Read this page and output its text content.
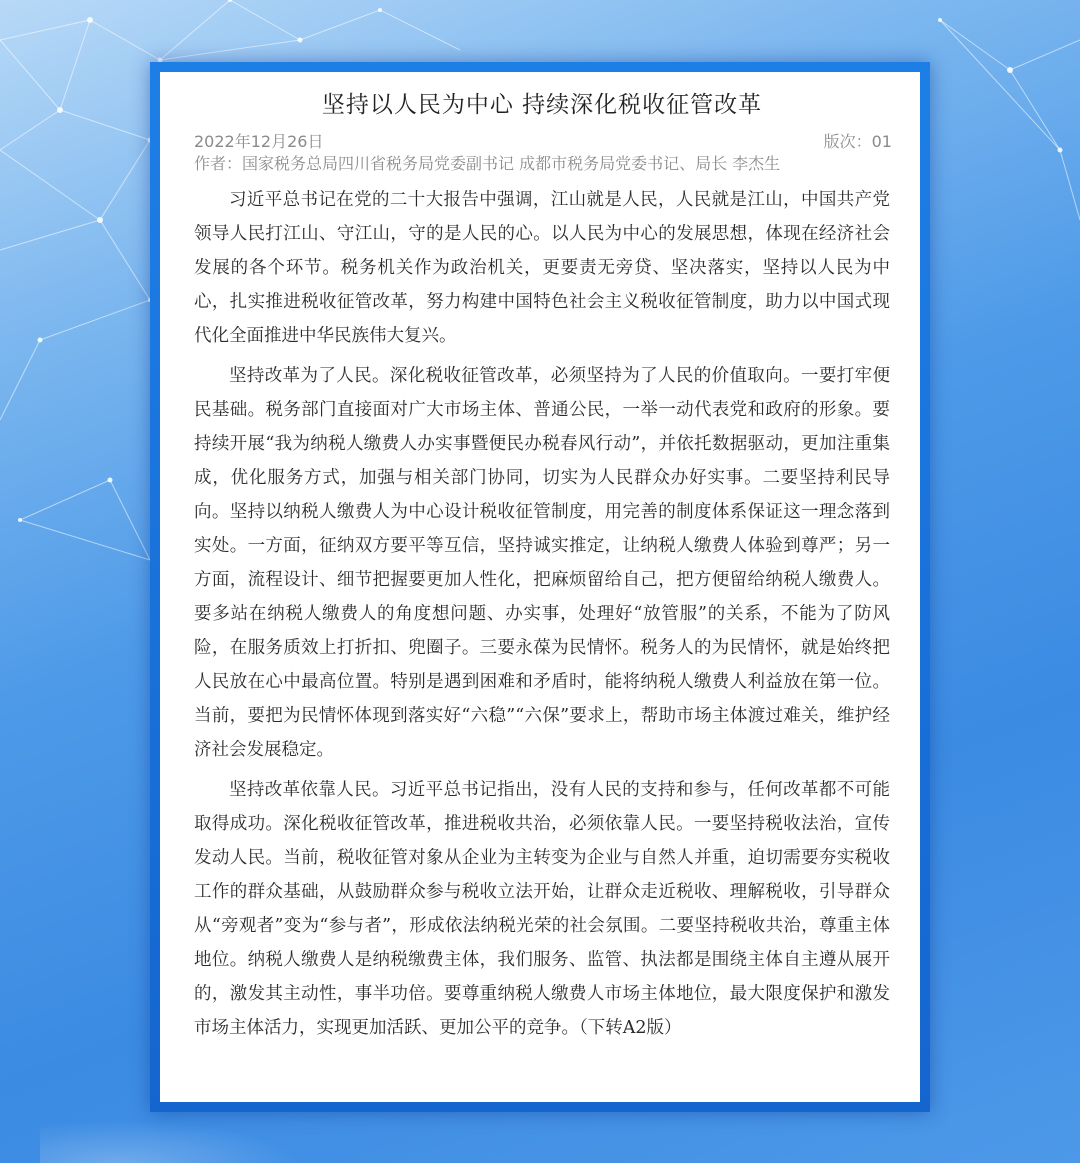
坚持以人民为中心 持续深化税收征管改革
2022年12月26日	版次：01
作者：国家税务总局四川省税务局党委副书记 成都市税务局党委书记、局长 李杰生

习近平总书记在党的二十大报告中强调，江山就是人民，人民就是江山，中国共产党领导人民打江山、守江山，守的是人民的心。以人民为中心的发展思想，体现在经济社会发展的各个环节。税务机关作为政治机关，更要责无旁贷、坚决落实，坚持以人民为中心，扎实推进税收征管改革，努力构建中国特色社会主义税收征管制度，助力以中国式现代化全面推进中华民族伟大复兴。

坚持改革为了人民。深化税收征管改革，必须坚持为了人民的价值取向。一要打牢便民基础。税务部门直接面对广大市场主体、普通公民，一举一动代表党和政府的形象。要持续开展“我为纳税人缴费人办实事暨便民办税春风行动”，并依托数据驱动，更加注重集成，优化服务方式，加强与相关部门协同，切实为人民群众办好实事。二要坚持利民导向。坚持以纳税人缴费人为中心设计税收征管制度，用完善的制度体系保证这一理念落到实处。一方面，征纳双方要平等互信，坚持诚实推定，让纳税人缴费人体验到尊严；另一方面，流程设计、细节把握要更加人性化，把麻烦留给自己，把方便留给纳税人缴费人。要多站在纳税人缴费人的角度想问题、办实事，处理好“放管服”的关系，不能为了防风险，在服务质效上打折扣、兜圈子。三要永葆为民情怀。税务人的为民情怀，就是始终把人民放在心中最高位置。特别是遇到困难和矛盾时，能将纳税人缴费人利益放在第一位。当前，要把为民情怀体现到落实好“六稳”“六保”要求上，帮助市场主体渡过难关，维护经济社会发展稳定。

坚持改革依靠人民。习近平总书记指出，没有人民的支持和参与，任何改革都不可能取得成功。深化税收征管改革，推进税收共治，必须依靠人民。一要坚持税收法治，宣传发动人民。当前，税收征管对象从企业为主转变为企业与自然人并重，迫切需要夯实税收工作的群众基础，从鼓励群众参与税收立法开始，让群众走近税收、理解税收，引导群众从“旁观者”变为“参与者”，形成依法纳税光荣的社会氛围。二要坚持税收共治，尊重主体地位。纳税人缴费人是纳税缴费主体，我们服务、监管、执法都是围绕主体自主遵从展开的，激发其主动性，事半功倍。要尊重纳税人缴费人市场主体地位，最大限度保护和激发市场主体活力，实现更加活跃、更加公平的竞争。（下转A2版）
